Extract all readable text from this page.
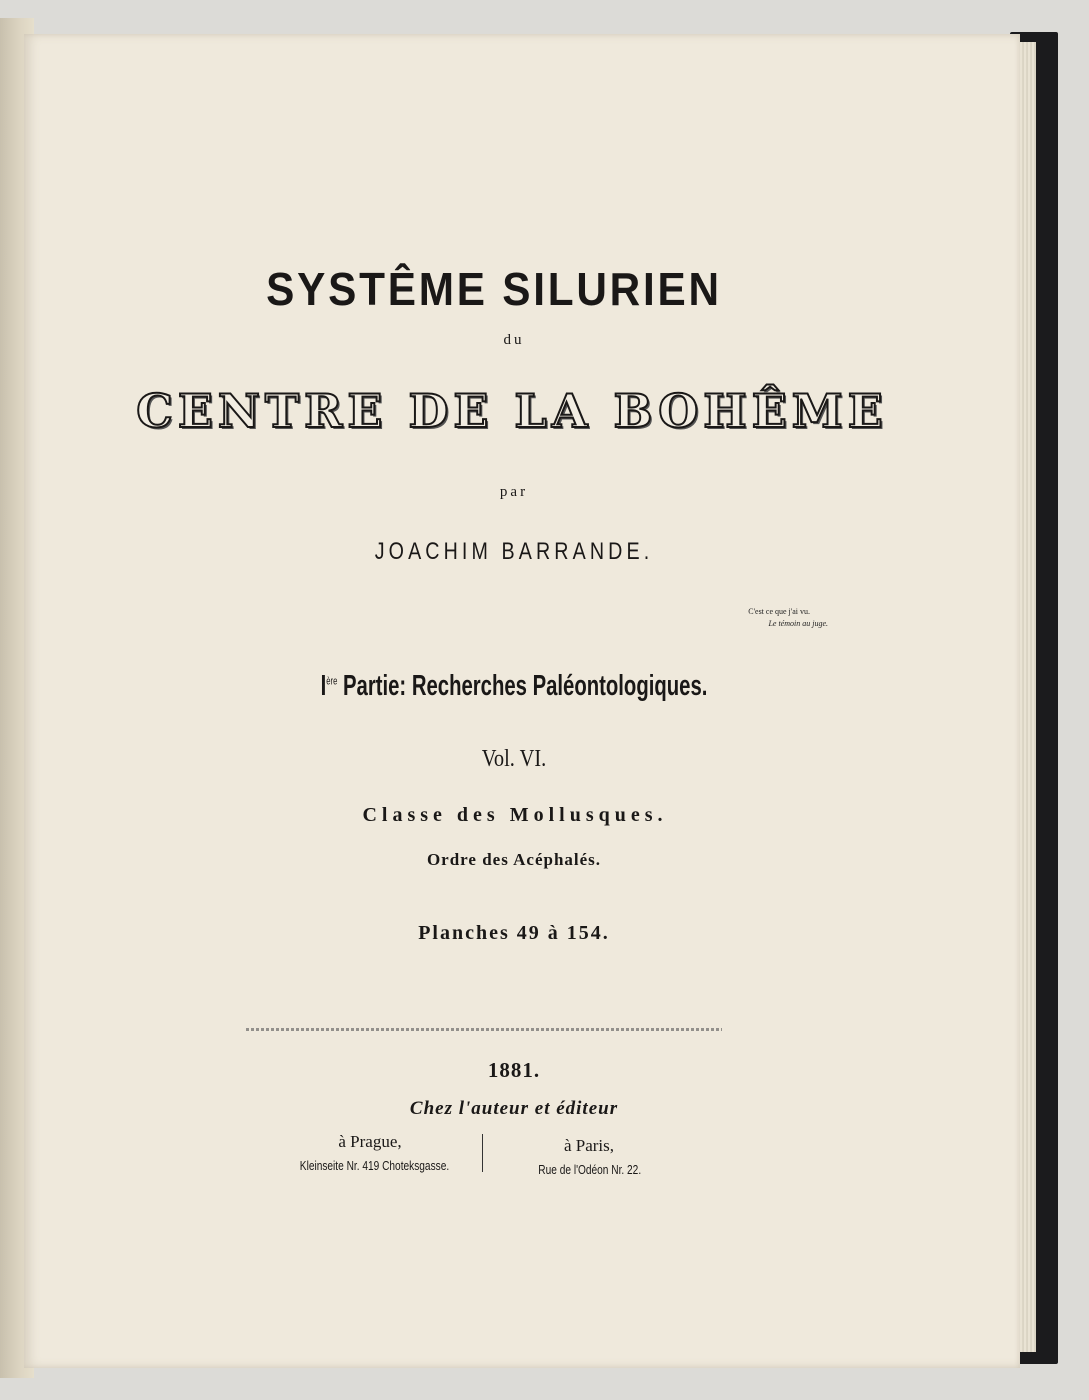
SYSTÊME SILURIEN
du
CENTRE DE LA BOHÊME
par
JOACHIM BARRANDE.
C'est ce que j'ai vu.
Le témoin au juge.
Ière Partie: Recherches Paléontologiques.
Vol. VI.
Classe des Mollusques.
Ordre des Acéphalés.
Planches 49 à 154.
1881.
Chez l'auteur et éditeur
à Prague,
Kleinseite Nr. 419 Choteksgasse.
à Paris,
Rue de l'Odéon Nr. 22.
